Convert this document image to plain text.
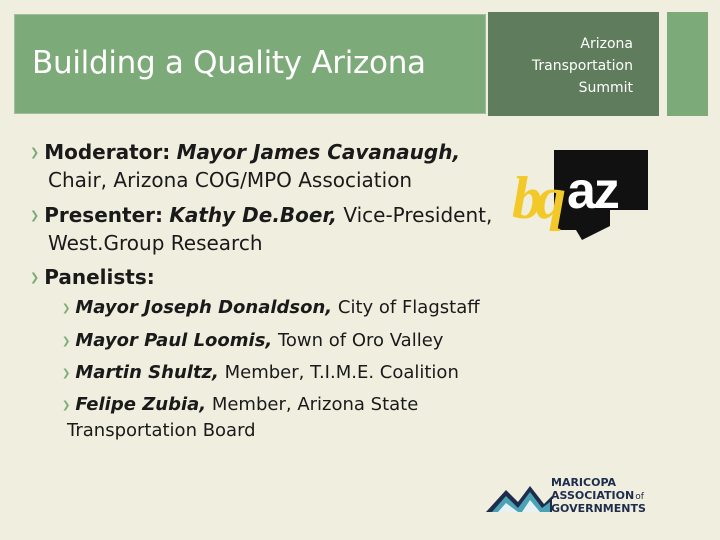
Building a Quality Arizona
Arizona
Transportation
Summit
❯ Moderator: Mayor James Cavanaugh,
Chair, Arizona COG/MPO Association
❯ Presenter: Kathy De.Boer, Vice-President,
West.Group Research
❯ Panelists:
❯ Mayor Joseph Donaldson, City of Flagstaff
❯ Mayor Paul Loomis, Town of Oro Valley
❯ Martin Shultz, Member, T.I.M.E. Coalition
❯ Felipe Zubia, Member, Arizona State
Transportation Board
az
bq
MARICOPA
ASSOCIATIONof
GOVERNMENTS
